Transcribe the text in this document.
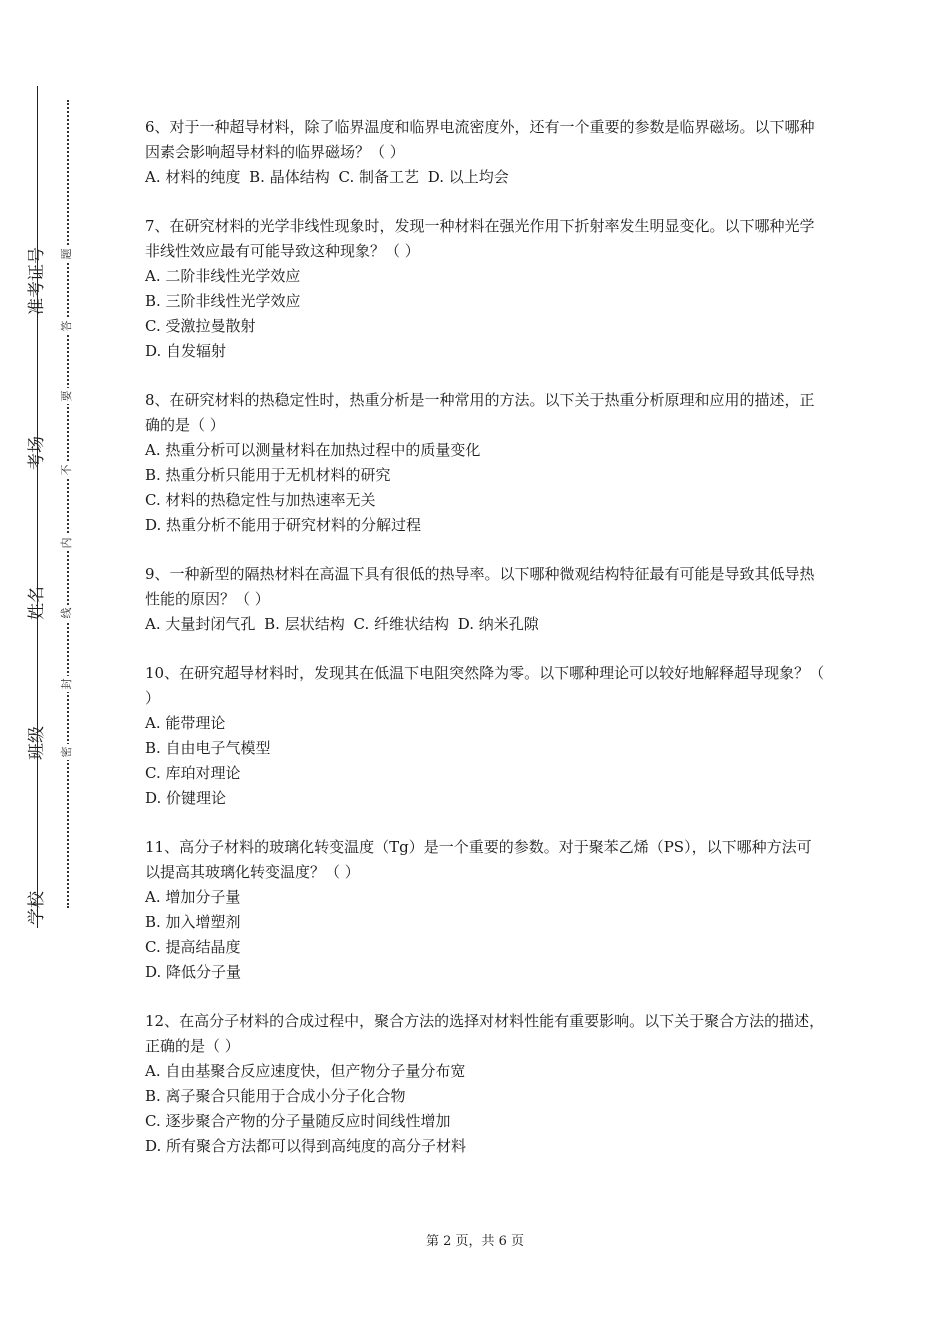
准考证号
考场
姓名
班级
学校
题
答
要
不
内
线
封
密

6、对于一种超导材料，除了临界温度和临界电流密度外，还有一个重要的参数是临界磁场。以下哪种因素会影响超导材料的临界磁场？（ ）

A. 材料的纯度 B. 晶体结构 C. 制备工艺 D. 以上均会

7、在研究材料的光学非线性现象时，发现一种材料在强光作用下折射率发生明显变化。以下哪种光学非线性效应最有可能导致这种现象？（ ）

A. 二阶非线性光学效应

B. 三阶非线性光学效应

C. 受激拉曼散射

D. 自发辐射

8、在研究材料的热稳定性时，热重分析是一种常用的方法。以下关于热重分析原理和应用的描述，正确的是（ ）

A. 热重分析可以测量材料在加热过程中的质量变化

B. 热重分析只能用于无机材料的研究

C. 材料的热稳定性与加热速率无关

D. 热重分析不能用于研究材料的分解过程

9、一种新型的隔热材料在高温下具有很低的热导率。以下哪种微观结构特征最有可能是导致其低导热性能的原因？（ ）

A. 大量封闭气孔 B. 层状结构 C. 纤维状结构 D. 纳米孔隙

10、在研究超导材料时，发现其在低温下电阻突然降为零。以下哪种理论可以较好地解释超导现象？（ ）

A. 能带理论

B. 自由电子气模型

C. 库珀对理论

D. 价键理论

11、高分子材料的玻璃化转变温度（Tg）是一个重要的参数。对于聚苯乙烯（PS），以下哪种方法可以提高其玻璃化转变温度？（ ）

A. 增加分子量

B. 加入增塑剂

C. 提高结晶度

D. 降低分子量

12、在高分子材料的合成过程中，聚合方法的选择对材料性能有重要影响。以下关于聚合方法的描述，正确的是（ ）

A. 自由基聚合反应速度快，但产物分子量分布宽

B. 离子聚合只能用于合成小分子化合物

C. 逐步聚合产物的分子量随反应时间线性增加

D. 所有聚合方法都可以得到高纯度的高分子材料

第 2 页，共 6 页
